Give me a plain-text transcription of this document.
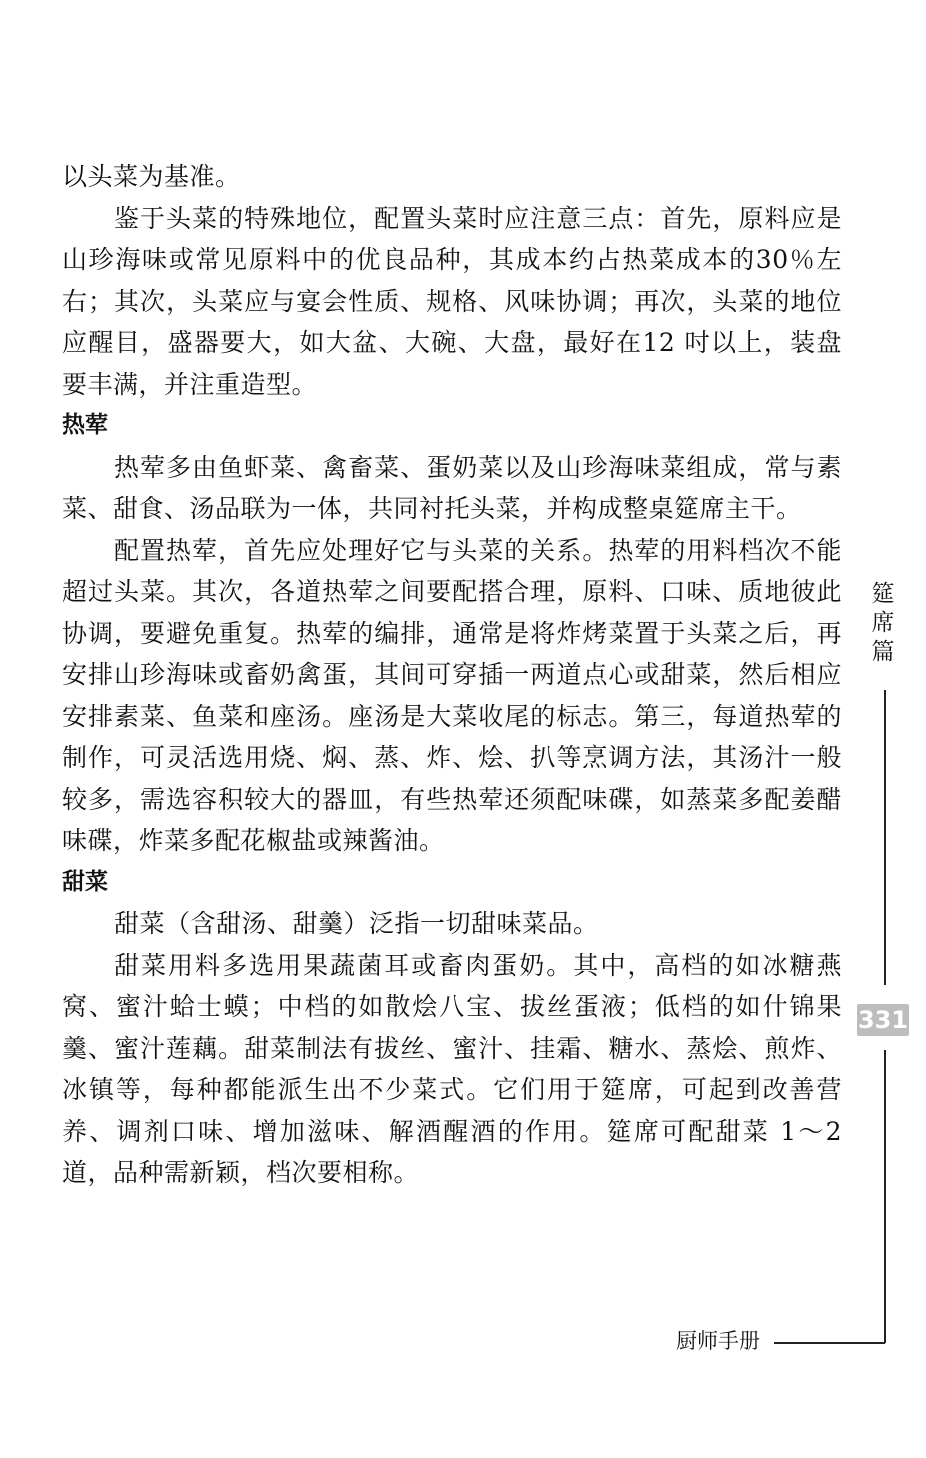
以头菜为基准。

鉴于头菜的特殊地位，配置头菜时应注意三点：首先，原料应是山珍海味或常见原料中的优良品种，其成本约占热菜成本的30％左右；其次，头菜应与宴会性质、规格、风味协调；再次，头菜的地位应醒目，盛器要大，如大盆、大碗、大盘，最好在12 吋以上，装盘要丰满，并注重造型。

热荤

热荤多由鱼虾菜、禽畜菜、蛋奶菜以及山珍海味菜组成，常与素菜、甜食、汤品联为一体，共同衬托头菜，并构成整桌筵席主干。

配置热荤，首先应处理好它与头菜的关系。热荤的用料档次不能超过头菜。其次，各道热荤之间要配搭合理，原料、口味、质地彼此协调，要避免重复。热荤的编排，通常是将炸烤菜置于头菜之后，再安排山珍海味或畜奶禽蛋，其间可穿插一两道点心或甜菜，然后相应安排素菜、鱼菜和座汤。座汤是大菜收尾的标志。第三，每道热荤的制作，可灵活选用烧、焖、蒸、炸、烩、扒等烹调方法，其汤汁一般较多，需选容积较大的器皿，有些热荤还须配味碟，如蒸菜多配姜醋味碟，炸菜多配花椒盐或辣酱油。

甜菜

甜菜（含甜汤、甜羹）泛指一切甜味菜品。

甜菜用料多选用果蔬菌耳或畜肉蛋奶。其中，高档的如冰糖燕窝、蜜汁蛤士蟆；中档的如散烩八宝、拔丝蛋液；低档的如什锦果羹、蜜汁莲藕。甜菜制法有拔丝、蜜汁、挂霜、糖水、蒸烩、煎炸、冰镇等，每种都能派生出不少菜式。它们用于筵席，可起到改善营养、调剂口味、增加滋味、解酒醒酒的作用。筵席可配甜菜 1～2 道，品种需新颖，档次要相称。

筵席篇
331
厨师手册
